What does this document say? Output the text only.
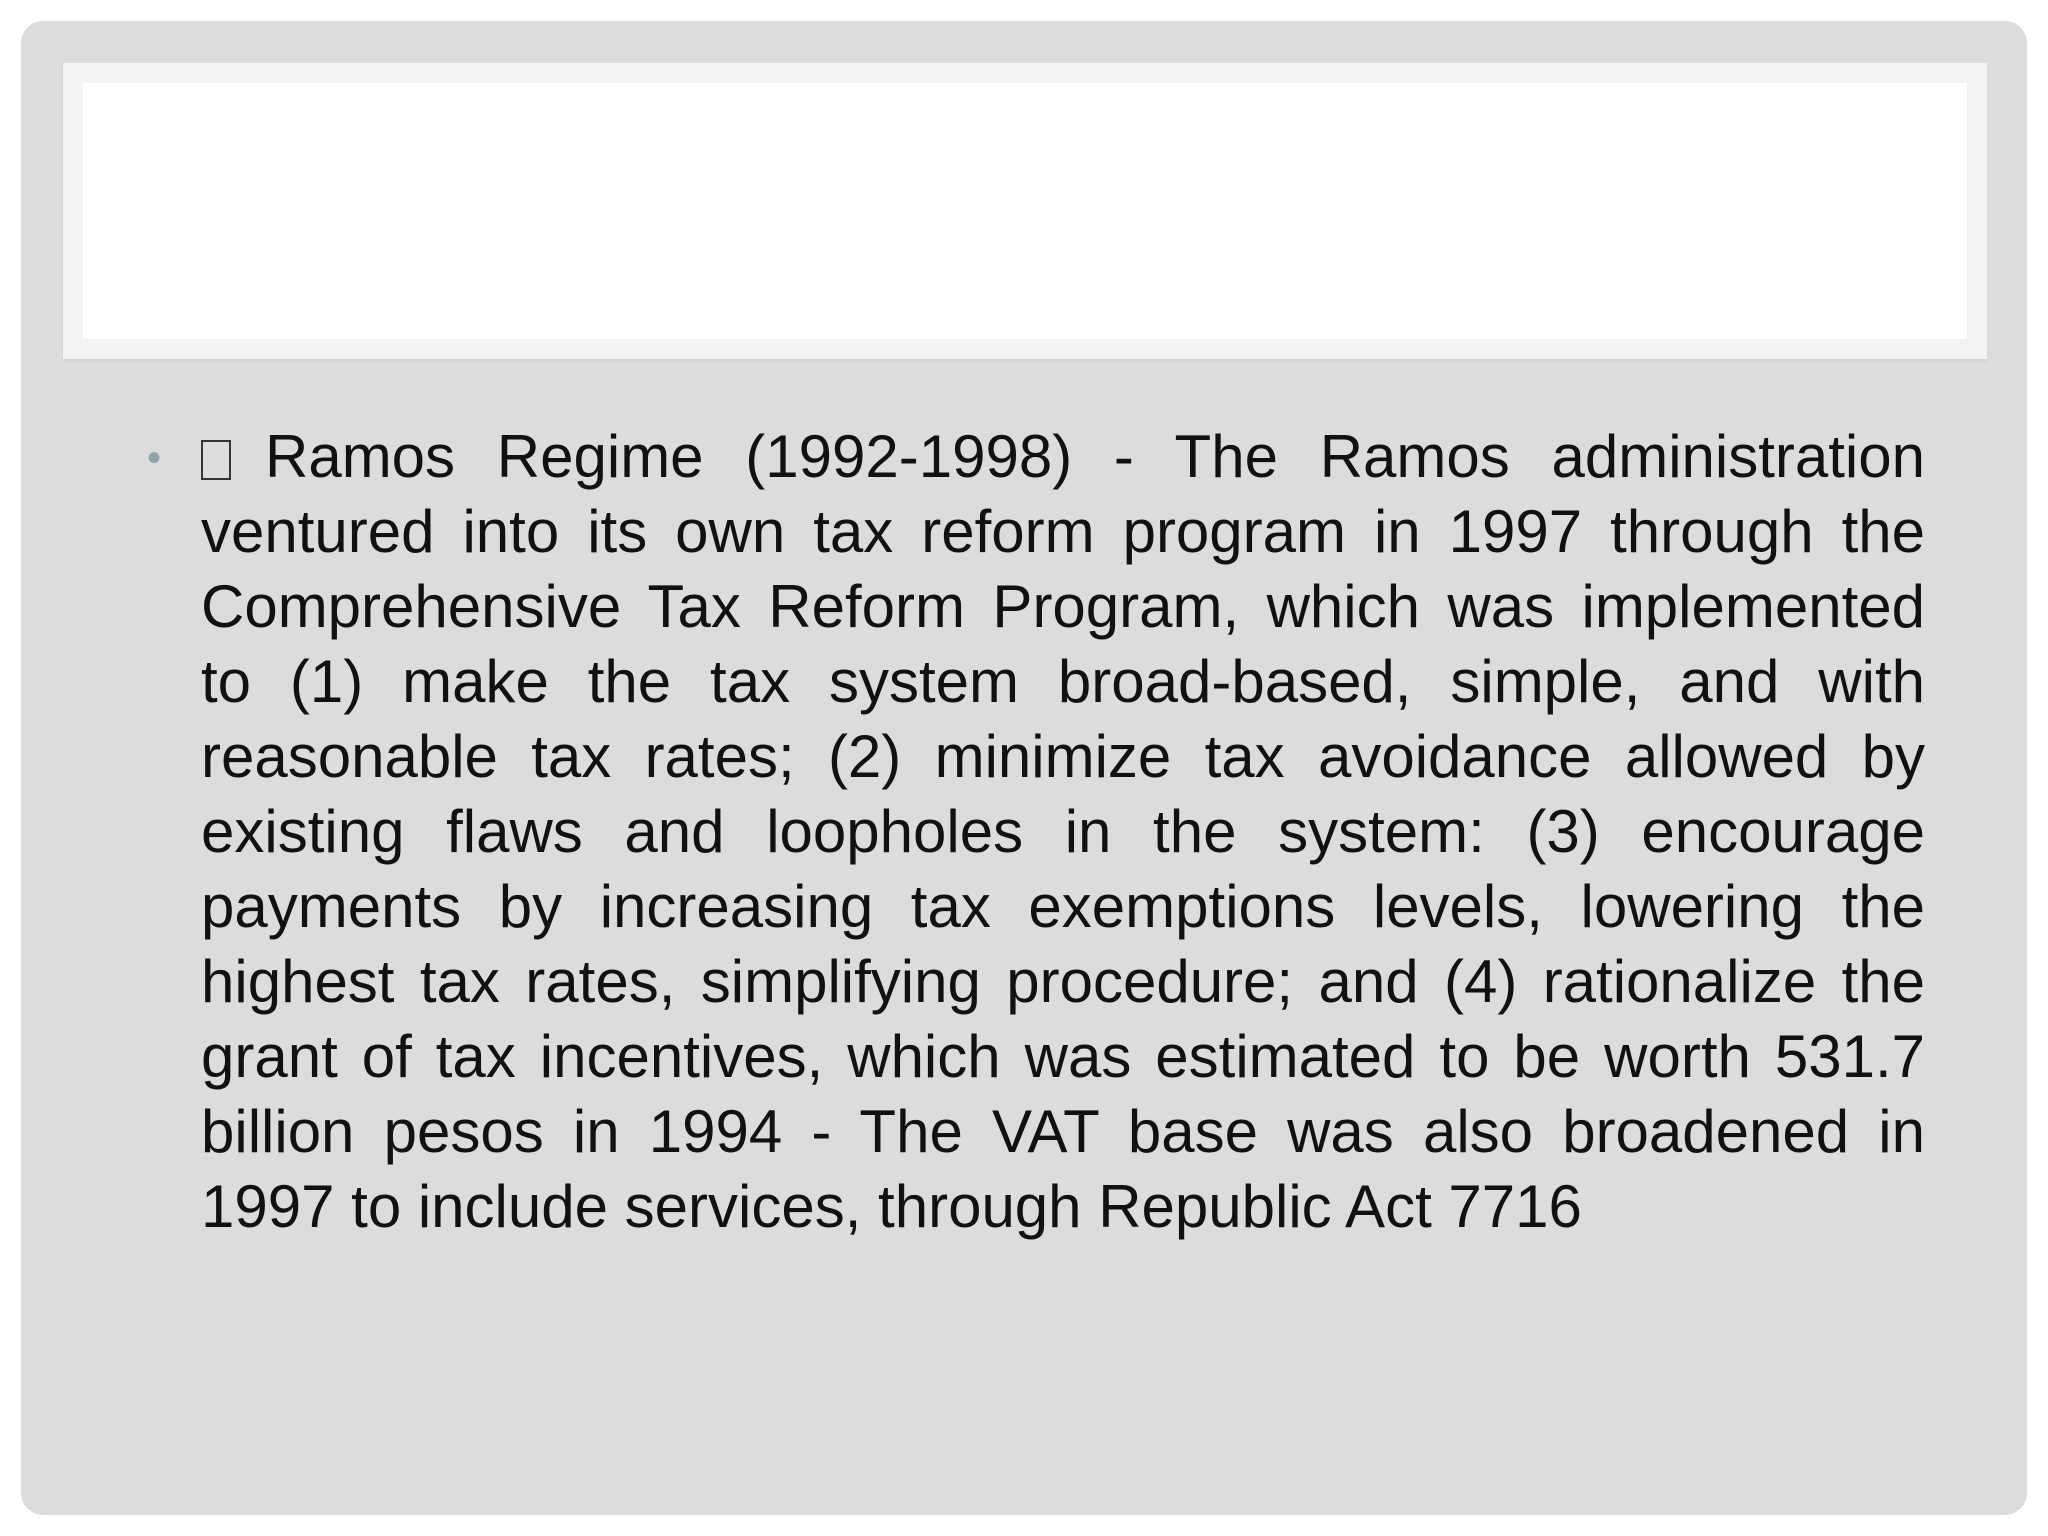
•	Ramos Regime (1992-1998) - The Ramos administration ventured into its own tax reform program in 1997 through the Comprehensive Tax Reform Program, which was implemented to (1) make the tax system broad-based, simple, and with reasonable tax rates; (2) minimize tax avoidance allowed by existing flaws and loopholes in the system: (3) encourage payments by increasing tax exemptions levels, lowering the highest tax rates, simplifying procedure; and (4) rationalize the grant of tax incentives, which was estimated to be worth 531.7 billion pesos in 1994 - The VAT base was also broadened in 1997 to include services, through Republic Act 7716
